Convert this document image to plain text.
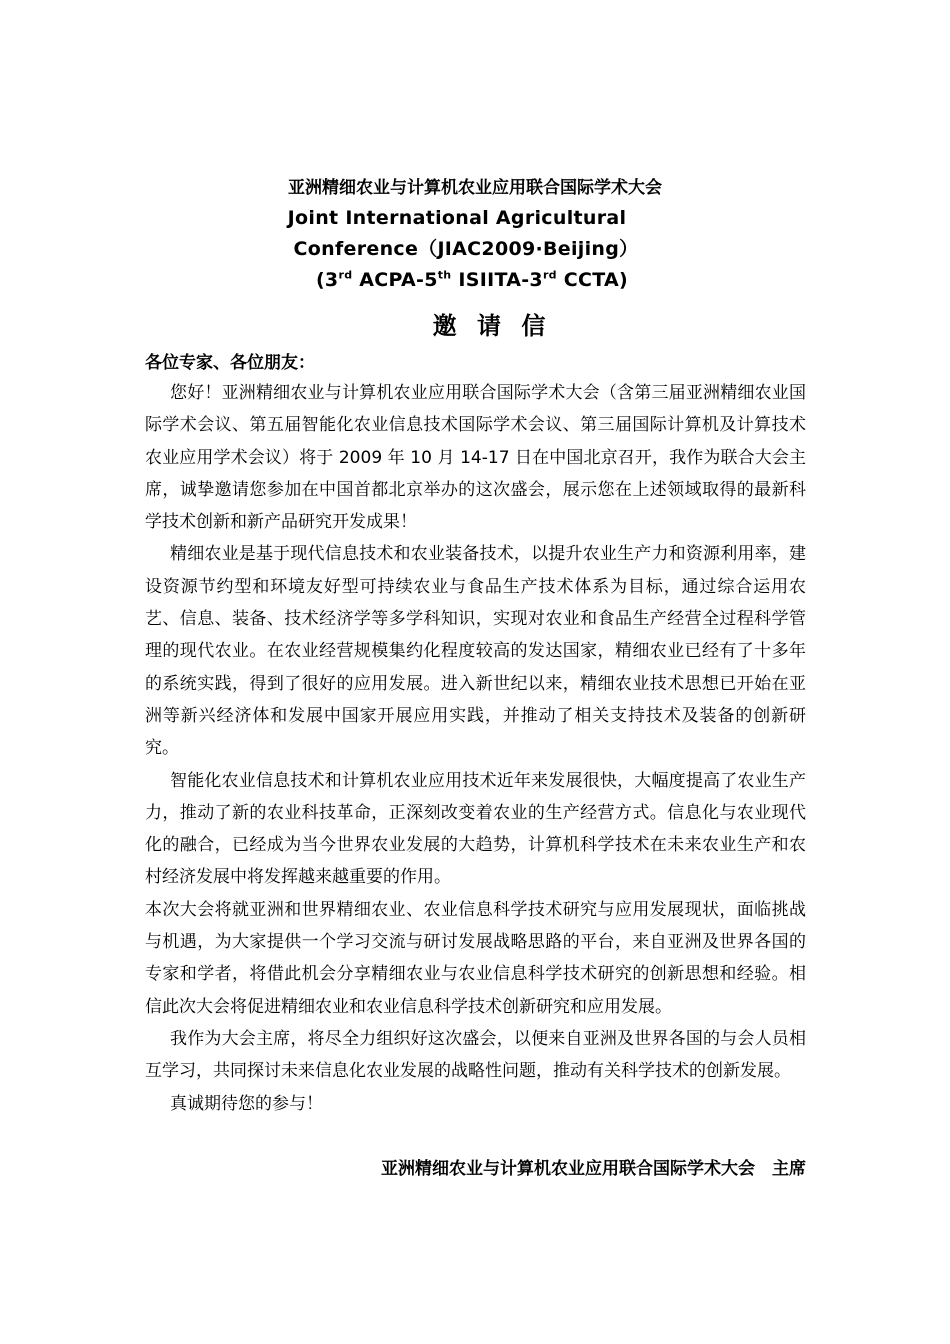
亚洲精细农业与计算机农业应用联合国际学术大会
Joint International Agricultural
Conference（JIAC2009·Beijing）
(3rd ACPA-5th ISIITA-3rd CCTA)
邀 请 信
各位专家、各位朋友：

您好！亚洲精细农业与计算机农业应用联合国际学术大会（含第三届亚洲精细农业国际学术会议、第五届智能化农业信息技术国际学术会议、第三届国际计算机及计算技术农业应用学术会议）将于 2009 年 10 月 14-17 日在中国北京召开，我作为联合大会主席，诚挚邀请您参加在中国首都北京举办的这次盛会，展示您在上述领域取得的最新科学技术创新和新产品研究开发成果！

精细农业是基于现代信息技术和农业装备技术，以提升农业生产力和资源利用率，建设资源节约型和环境友好型可持续农业与食品生产技术体系为目标，通过综合运用农艺、信息、装备、技术经济学等多学科知识，实现对农业和食品生产经营全过程科学管理的现代农业。在农业经营规模集约化程度较高的发达国家，精细农业已经有了十多年的系统实践，得到了很好的应用发展。进入新世纪以来，精细农业技术思想已开始在亚洲等新兴经济体和发展中国家开展应用实践，并推动了相关支持技术及装备的创新研究。

智能化农业信息技术和计算机农业应用技术近年来发展很快，大幅度提高了农业生产力，推动了新的农业科技革命，正深刻改变着农业的生产经营方式。信息化与农业现代化的融合，已经成为当今世界农业发展的大趋势，计算机科学技术在未来农业生产和农村经济发展中将发挥越来越重要的作用。

本次大会将就亚洲和世界精细农业、农业信息科学技术研究与应用发展现状，面临挑战与机遇，为大家提供一个学习交流与研讨发展战略思路的平台，来自亚洲及世界各国的专家和学者，将借此机会分享精细农业与农业信息科学技术研究的创新思想和经验。相信此次大会将促进精细农业和农业信息科学技术创新研究和应用发展。

我作为大会主席，将尽全力组织好这次盛会，以便来自亚洲及世界各国的与会人员相互学习，共同探讨未来信息化农业发展的战略性问题，推动有关科学技术的创新发展。

真诚期待您的参与！

亚洲精细农业与计算机农业应用联合国际学术大会　主席
